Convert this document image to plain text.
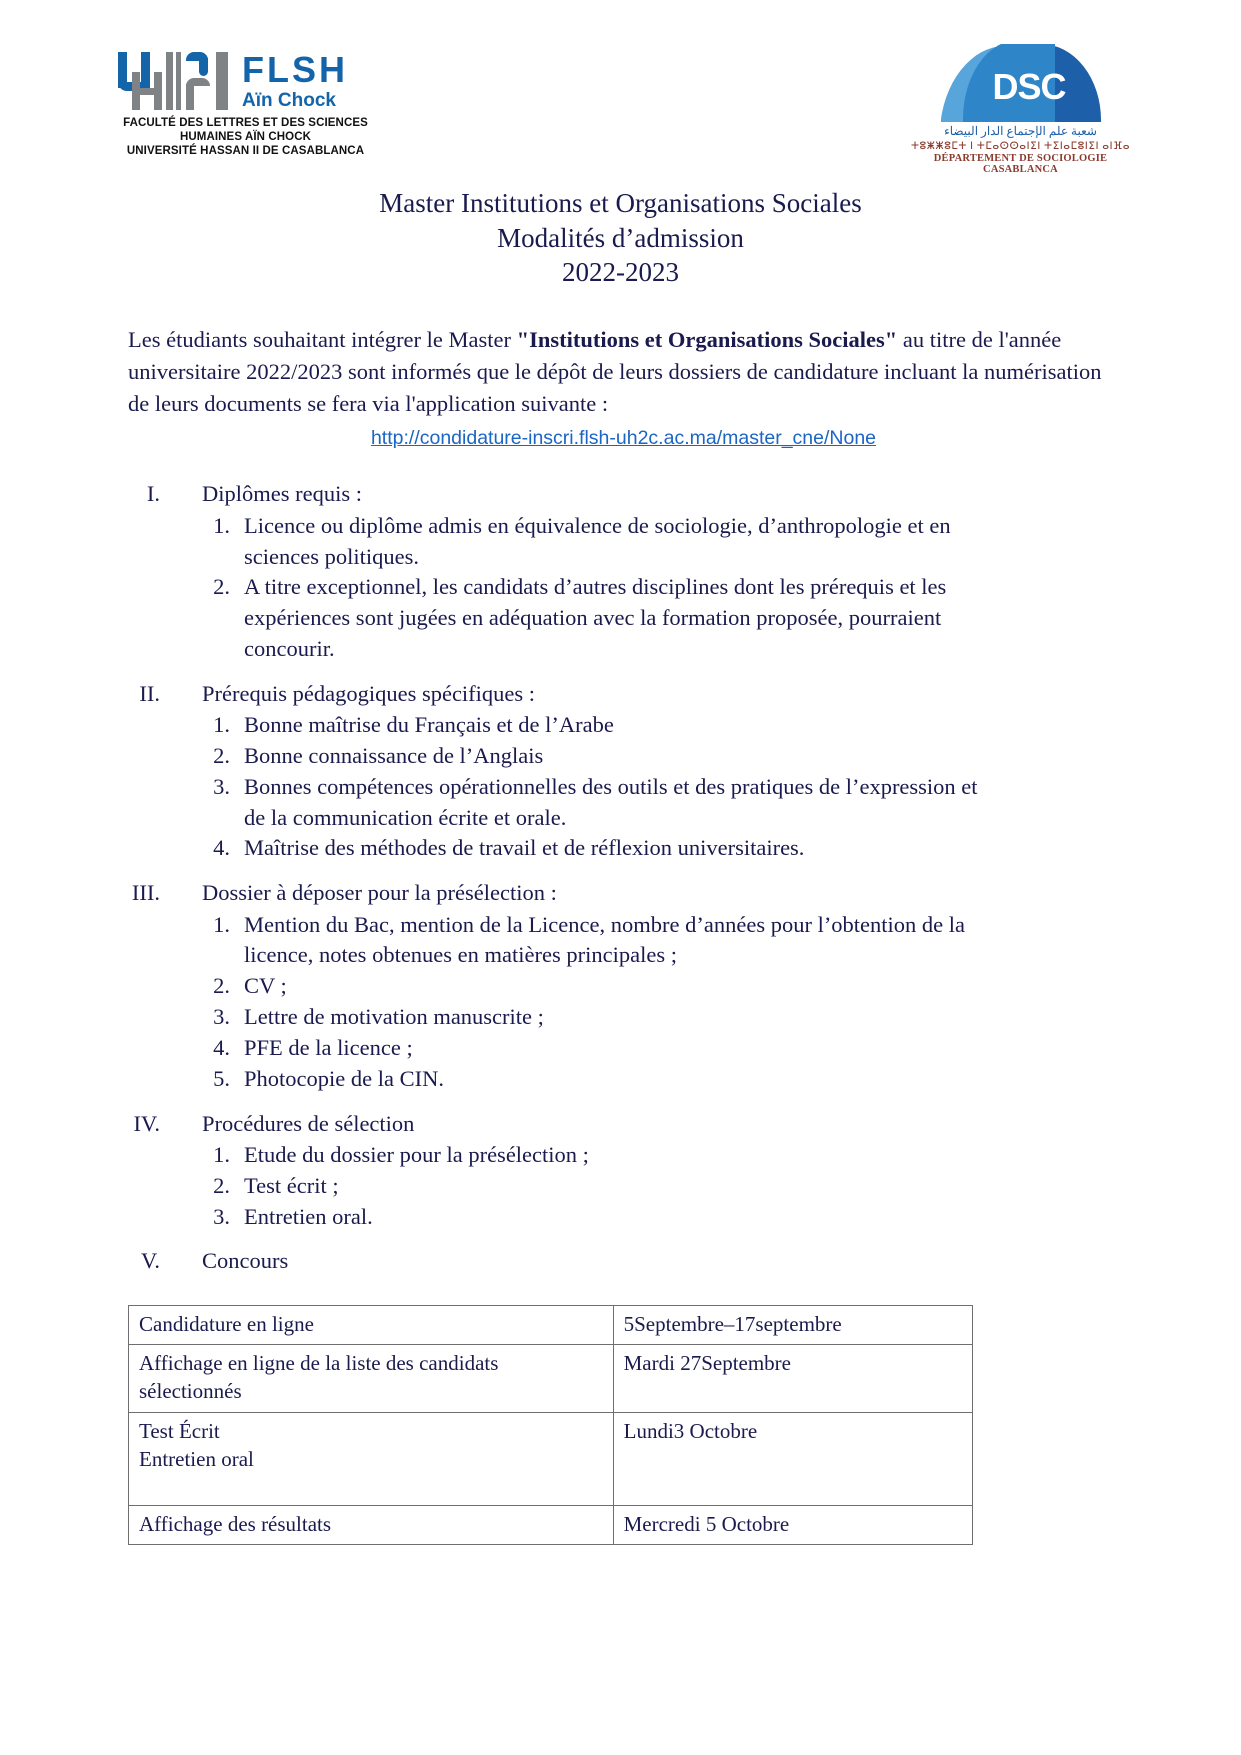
FLSH
Aïn Chock
FACULTÉ DES LETTRES ET DES SCIENCES
HUMAINES AÏN CHOCK
UNIVERSITÉ HASSAN II DE CASABLANCA
DSC
شعبة علم الإجتماع الدار البيضاء
ⵜⵓⵥⵥⵓⵎⵜ ⵏ ⵜⵎⴰⵙⵙⴰⵏⵉⵏ ⵜⵉⵏⴰⵎⵓⵏⵉⵏ ⴰⵏⴼⴰ
DÉPARTEMENT DE SOCIOLOGIE CASABLANCA
Master Institutions et Organisations Sociales
Modalités d’admission
2022-2023
Les étudiants souhaitant intégrer le Master "Institutions et Organisations Sociales" au titre de l'année universitaire 2022/2023 sont informés que le dépôt de leurs dossiers de candidature incluant la numérisation de leurs documents se fera via l'application suivante :
http://condidature-inscri.flsh-uh2c.ac.ma/master_cne/None
I. Diplômes requis :
1. Licence ou diplôme admis en équivalence de sociologie, d’anthropologie et en sciences politiques.
2. A titre exceptionnel, les candidats d’autres disciplines dont les prérequis et les expériences sont jugées en adéquation avec la formation proposée, pourraient concourir.
II. Prérequis pédagogiques spécifiques :
1. Bonne maîtrise du Français et de l’Arabe
2. Bonne connaissance de l’Anglais
3. Bonnes compétences opérationnelles des outils et des pratiques de l’expression et de la communication écrite et orale.
4. Maîtrise des méthodes de travail et de réflexion universitaires.
III. Dossier à déposer pour la présélection :
1. Mention du Bac, mention de la Licence, nombre d’années pour l’obtention de la licence, notes obtenues en matières principales ;
2. CV ;
3. Lettre de motivation manuscrite ;
4. PFE de la licence ;
5. Photocopie de la CIN.
IV. Procédures de sélection
1. Etude du dossier pour la présélection ;
2. Test écrit ;
3. Entretien oral.
V. Concours
Candidature en ligne	5Septembre–17septembre

Affichage en ligne de la liste des candidats
sélectionnés	Mardi 27Septembre

Test Écrit
Entretien oral	Lundi3 Octobre

Affichage des résultats	Mercredi 5 Octobre
